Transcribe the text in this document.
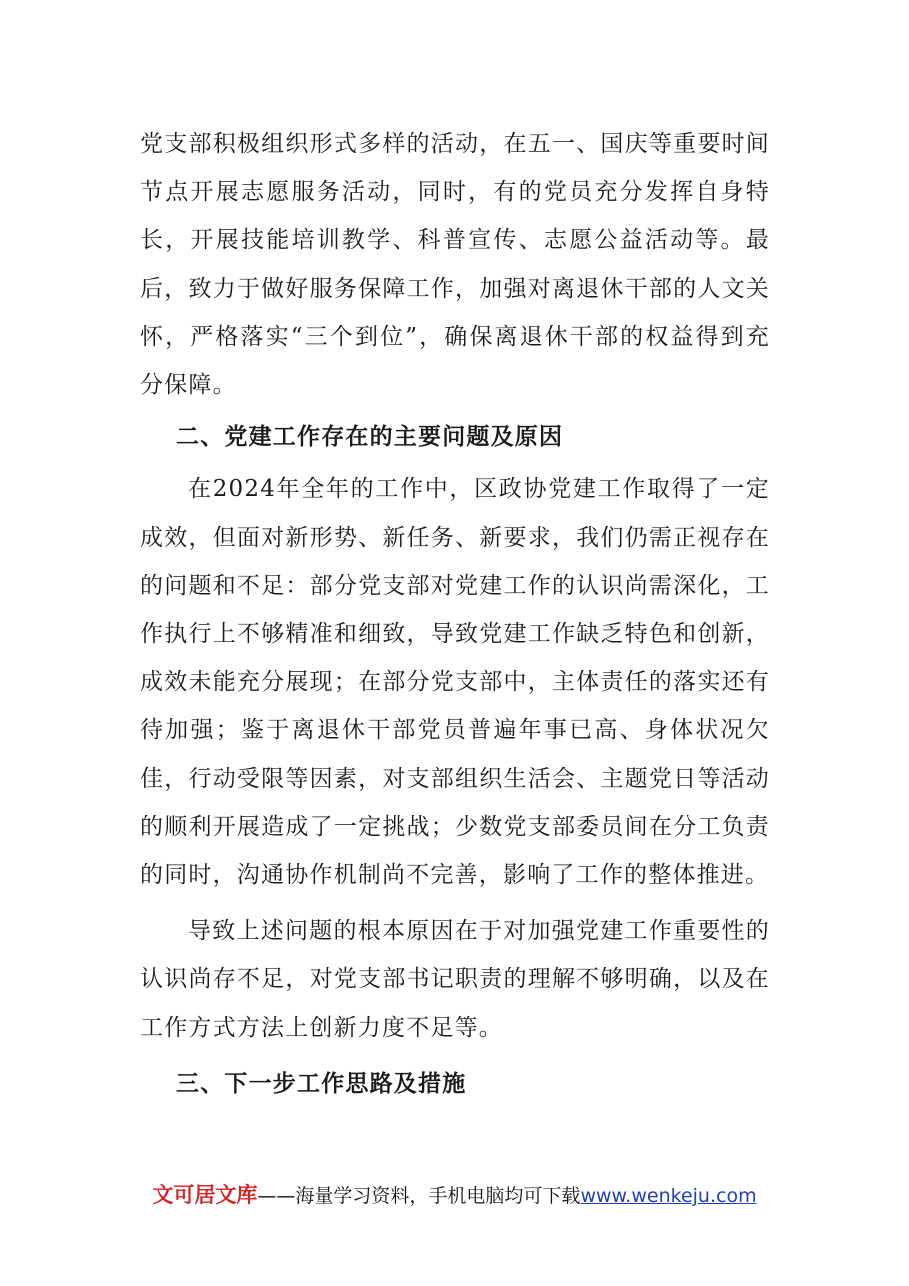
党支部积极组织形式多样的活动，在五一、国庆等重要时间节点开展志愿服务活动，同时，有的党员充分发挥自身特长，开展技能培训教学、科普宣传、志愿公益活动等。最后，致力于做好服务保障工作，加强对离退休干部的人文关怀，严格落实“三个到位”，确保离退休干部的权益得到充分保障。

二、党建工作存在的主要问题及原因

在2024年全年的工作中，区政协党建工作取得了一定成效，但面对新形势、新任务、新要求，我们仍需正视存在的问题和不足：部分党支部对党建工作的认识尚需深化，工作执行上不够精准和细致，导致党建工作缺乏特色和创新，成效未能充分展现；在部分党支部中，主体责任的落实还有待加强；鉴于离退休干部党员普遍年事已高、身体状况欠佳，行动受限等因素，对支部组织生活会、主题党日等活动的顺利开展造成了一定挑战；少数党支部委员间在分工负责的同时，沟通协作机制尚不完善，影响了工作的整体推进。

导致上述问题的根本原因在于对加强党建工作重要性的认识尚存不足，对党支部书记职责的理解不够明确，以及在工作方式方法上创新力度不足等。

三、下一步工作思路及措施

文可居文库——海量学习资料，手机电脑均可下载www.wenkeju.com
